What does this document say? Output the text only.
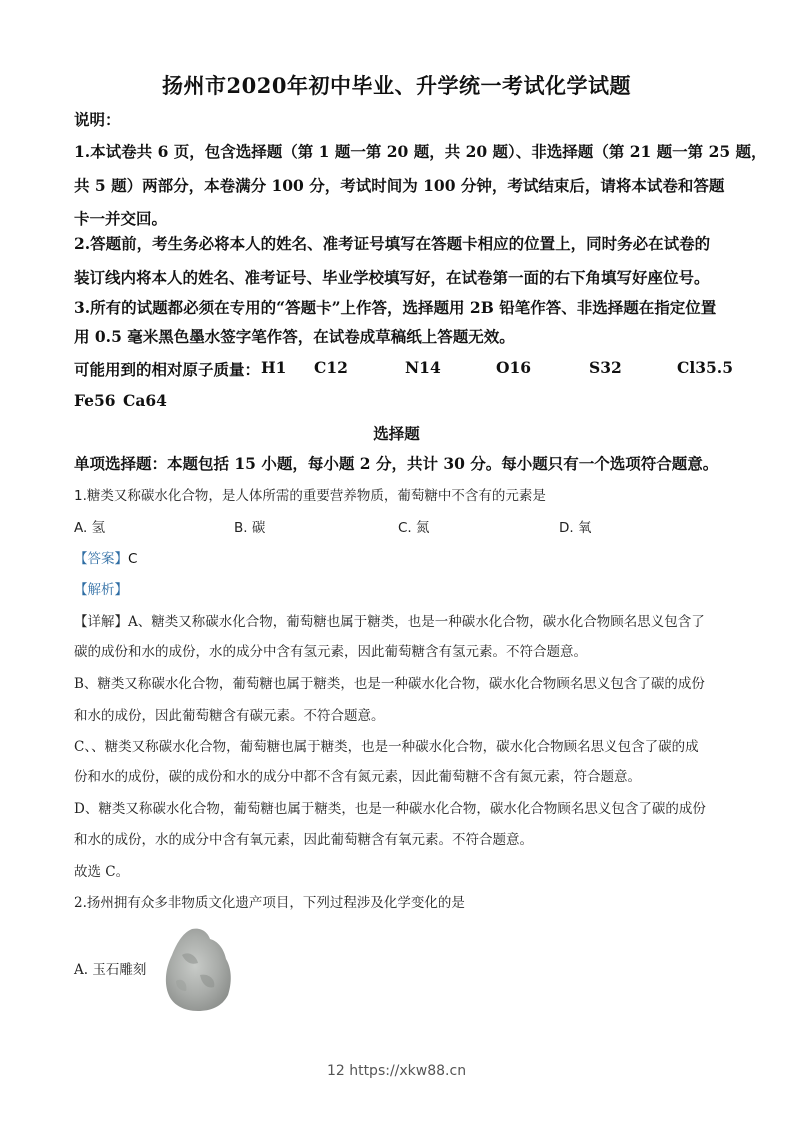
扬州市2020年初中毕业、升学统一考试化学试题
说明：
1.本试卷共 6 页，包含选择题（第 1 题一第 20 题，共 20 题）、非选择题（第 21 题一第 25 题，
共 5 题）两部分，本卷满分 100 分，考试时间为 100 分钟，考试结束后，请将本试卷和答题
卡一并交回。
2.答题前，考生务必将本人的姓名、准考证号填写在答题卡相应的位置上，同时务必在试卷的
装订线内将本人的姓名、准考证号、毕业学校填写好，在试卷第一面的右下角填写好座位号。
3.所有的试题都必须在专用的“答题卡”上作答，选择题用 2B 铅笔作答、非选择题在指定位置
用 0.5 毫米黑色墨水签字笔作答，在试卷成草稿纸上答题无效。
可能用到的相对原子质量： H1 C12	N14	O16	S32	Cl35.5
Fe56 Ca64
选择题
单项选择题：本题包括 15 小题，每小题 2 分，共计 30 分。每小题只有一个选项符合题意。
1.糖类又称碳水化合物，是人体所需的重要营养物质，葡萄糖中不含有的元素是
A. 氢	B. 碳	C. 氮	D. 氧
【答案】C
【解析】
【详解】A、糖类又称碳水化合物，葡萄糖也属于糖类，也是一种碳水化合物，碳水化合物顾名思义包含了
碳的成份和水的成份，水的成分中含有氢元素，因此葡萄糖含有氢元素。不符合题意。
B、糖类又称碳水化合物，葡萄糖也属于糖类，也是一种碳水化合物，碳水化合物顾名思义包含了碳的成份
和水的成份，因此葡萄糖含有碳元素。不符合题意。
C、、糖类又称碳水化合物，葡萄糖也属于糖类，也是一种碳水化合物，碳水化合物顾名思义包含了碳的成
份和水的成份，碳的成份和水的成分中都不含有氮元素，因此葡萄糖不含有氮元素，符合题意。
D、糖类又称碳水化合物，葡萄糖也属于糖类，也是一种碳水化合物，碳水化合物顾名思义包含了碳的成份
和水的成份，水的成分中含有氧元素，因此葡萄糖含有氧元素。不符合题意。
故选 C。
2.扬州拥有众多非物质文化遗产项目，下列过程涉及化学变化的是
A. 玉石雕刻
12 https://xkw88.cn
